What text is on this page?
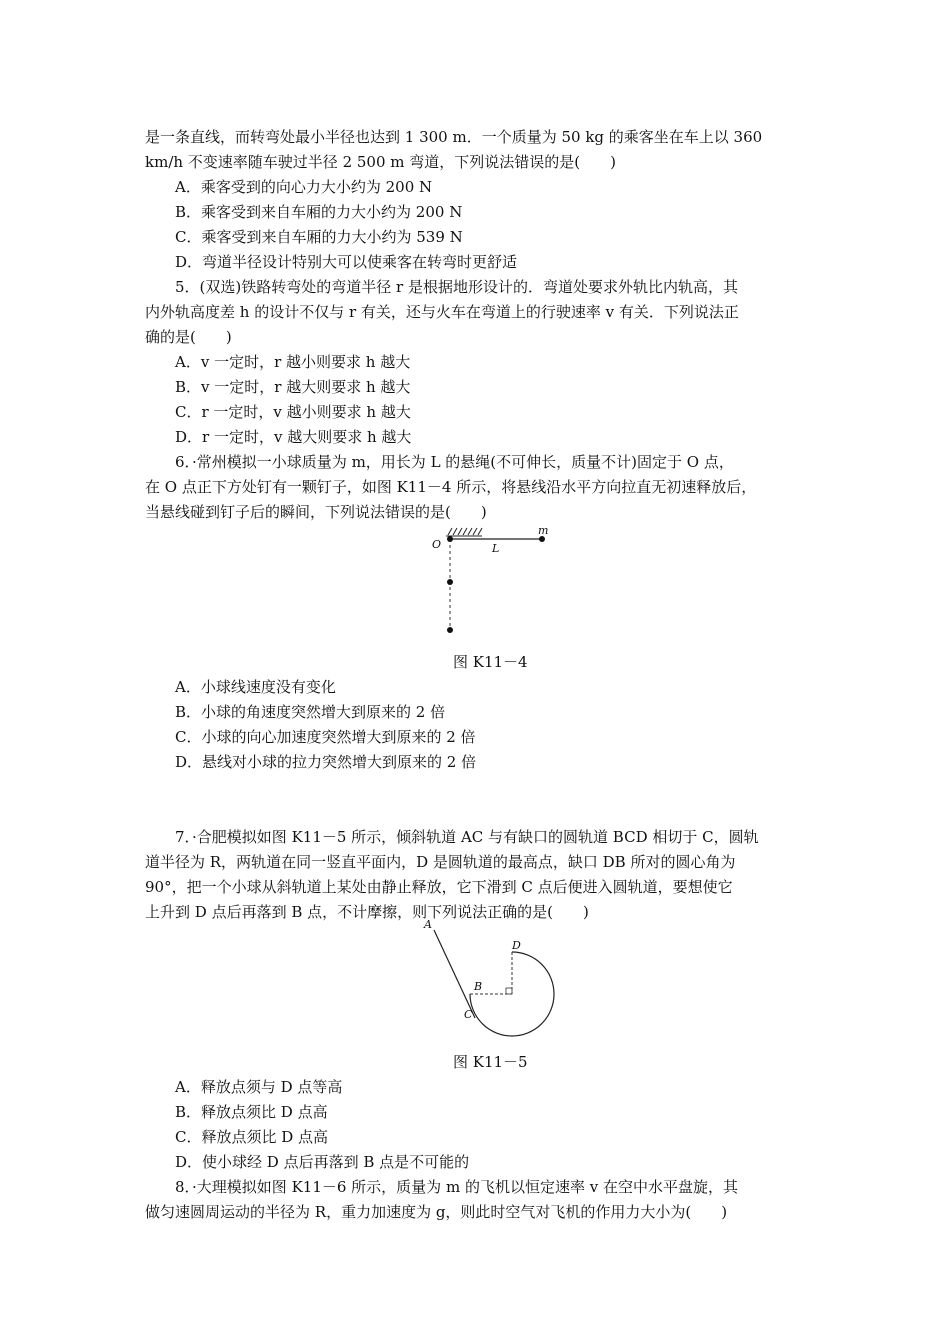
是一条直线，而转弯处最小半径也达到 1 300 m．一个质量为 50 kg 的乘客坐在车上以 360
km/h 不变速率随车驶过半径 2 500 m 弯道，下列说法错误的是(　　)
A．乘客受到的向心力大小约为 200 N
B．乘客受到来自车厢的力大小约为 200 N
C．乘客受到来自车厢的力大小约为 539 N
D．弯道半径设计特别大可以使乘客在转弯时更舒适
5．(双选)铁路转弯处的弯道半径 r 是根据地形设计的．弯道处要求外轨比内轨高，其
内外轨高度差 h 的设计不仅与 r 有关，还与火车在弯道上的行驶速率 v 有关．下列说法正
确的是(　　)
A．v 一定时，r 越小则要求 h 越大
B．v 一定时，r 越大则要求 h 越大
C．r 一定时，v 越小则要求 h 越大
D．r 一定时，v 越大则要求 h 越大
6．·常州模拟一小球质量为 m，用长为 L 的悬绳(不可伸长，质量不计)固定于 O 点，
在 O 点正下方处钉有一颗钉子，如图 K11－4 所示，将悬线沿水平方向拉直无初速释放后，
当悬线碰到钉子后的瞬间，下列说法错误的是(　　)
O	L
m
图 K11－4
A．小球线速度没有变化
B．小球的角速度突然增大到原来的 2 倍
C．小球的向心加速度突然增大到原来的 2 倍
D．悬线对小球的拉力突然增大到原来的 2 倍
7．·合肥模拟如图 K11－5 所示，倾斜轨道 AC 与有缺口的圆轨道 BCD 相切于 C，圆轨
道半径为 R，两轨道在同一竖直平面内，D 是圆轨道的最高点，缺口 DB 所对的圆心角为
90°，把一个小球从斜轨道上某处由静止释放，它下滑到 C 点后便进入圆轨道，要想使它
上升到 D 点后再落到 B 点，不计摩擦，则下列说法正确的是(　　)
A
D
B
C
图 K11－5
A．释放点须与 D 点等高
B．释放点须比 D 点高
C．释放点须比 D 点高
D．使小球经 D 点后再落到 B 点是不可能的
8．·大理模拟如图 K11－6 所示，质量为 m 的飞机以恒定速率 v 在空中水平盘旋，其
做匀速圆周运动的半径为 R，重力加速度为 g，则此时空气对飞机的作用力大小为(　　)
